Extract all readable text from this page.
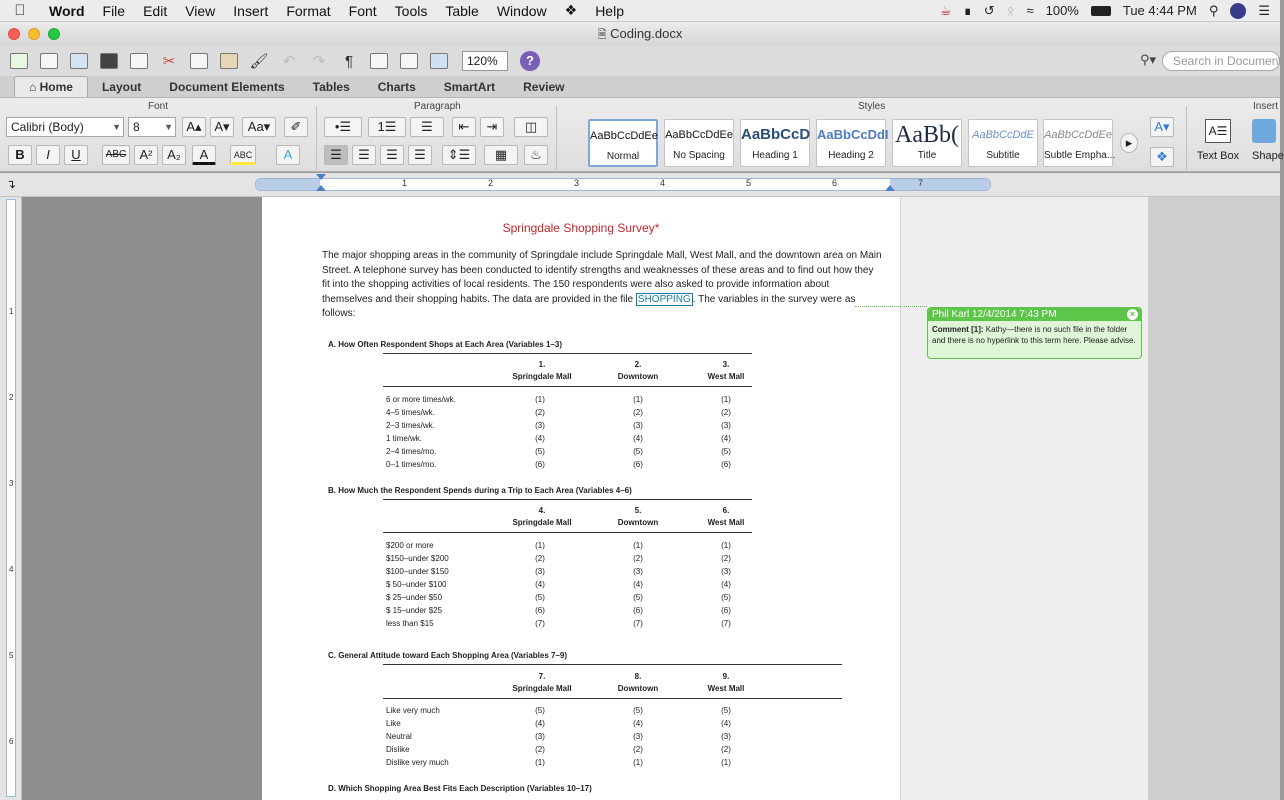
Word	File	Edit	View	Insert	Format	Font	Tools	Table	Window	❖	Help	☕ ∎ ↺ ᛟ ≈ 100%	Tue 4:44 PM ⚲	☰
🗎 Coding.docx
✂	🖌 ↶	↷	¶	120%	?	⚲▾	Search in Document
⌂ Home	Layout	Document Elements	Tables	Charts	SmartArt	Review
Font	Paragraph	Styles	Insert
Calibri (Body)	▼	8	▼	A▴ A▾	Aa▾	✐
B	I	U	ABC	A²	A₂	A	ABC	A
•☰	1☰	☰	⇤	⇥	◫
☰	☰	☰	☰	⇕☰	▦	♨
AaBbCcDdEe
Normal
AaBbCcDdEe
No Spacing
AaBbCcD
Heading 1
AaBbCcDdI
Heading 2
AaBb(
Title
AaBbCcDdE
Subtitle
AaBbCcDdEe
Subtle Empha...
▸
A▾
❖
A☰
Text Box	Shape
↴	1	2	3	4	5	6	7
1
2
3
4
5
6
Springdale Shopping Survey*
The major shopping areas in the community of Springdale include Springdale Mall, West Mall, and the downtown area on Main Street. A telephone survey has been conducted to identify strengths and weaknesses of these areas and to find out how they fit into the shopping activities of local residents. The 150 respondents were also asked to provide information about themselves and their shopping habits. The data are provided in the file SHOPPING . The variables in the survey were as follows:	Phil Karl 12/4/2014 7:43 PM	×
Comment [1]: Kathy—there is no such file in the folder and there is no hyperlink to this term here. Please advise.
A. How Often Respondent Shops at Each Area (Variables 1–3)
1.
Springdale Mall
2.
Downtown
3.
West Mall
6 or more times/wk.	(1)	(1)	(1)
4–5 times/wk.	(2)	(2)	(2)
2–3 times/wk.	(3)	(3)	(3)
1 time/wk.	(4)	(4)	(4)
2–4 times/mo.	(5)	(5)	(5)
0–1 times/mo.	(6)	(6)	(6)
B. How Much the Respondent Spends during a Trip to Each Area (Variables 4–6)
4.
Springdale Mall
5.
Downtown
6.
West Mall
$200 or more	(1)	(1)	(1)
$150–under $200	(2)	(2)	(2)
$100–under $150	(3)	(3)	(3)
$ 50–under $100	(4)	(4)	(4)
$ 25–under $50	(5)	(5)	(5)
$ 15–under $25	(6)	(6)	(6)
less than $15	(7)	(7)	(7)
C. General Attitude toward Each Shopping Area (Variables 7–9)
7.
Springdale Mall
8.
Downtown
9.
West Mall
Like very much	(5)	(5)	(5)
Like	(4)	(4)	(4)
Neutral	(3)	(3)	(3)
Dislike	(2)	(2)	(2)
Dislike very much	(1)	(1)	(1)
D. Which Shopping Area Best Fits Each Description (Variables 10–17)
